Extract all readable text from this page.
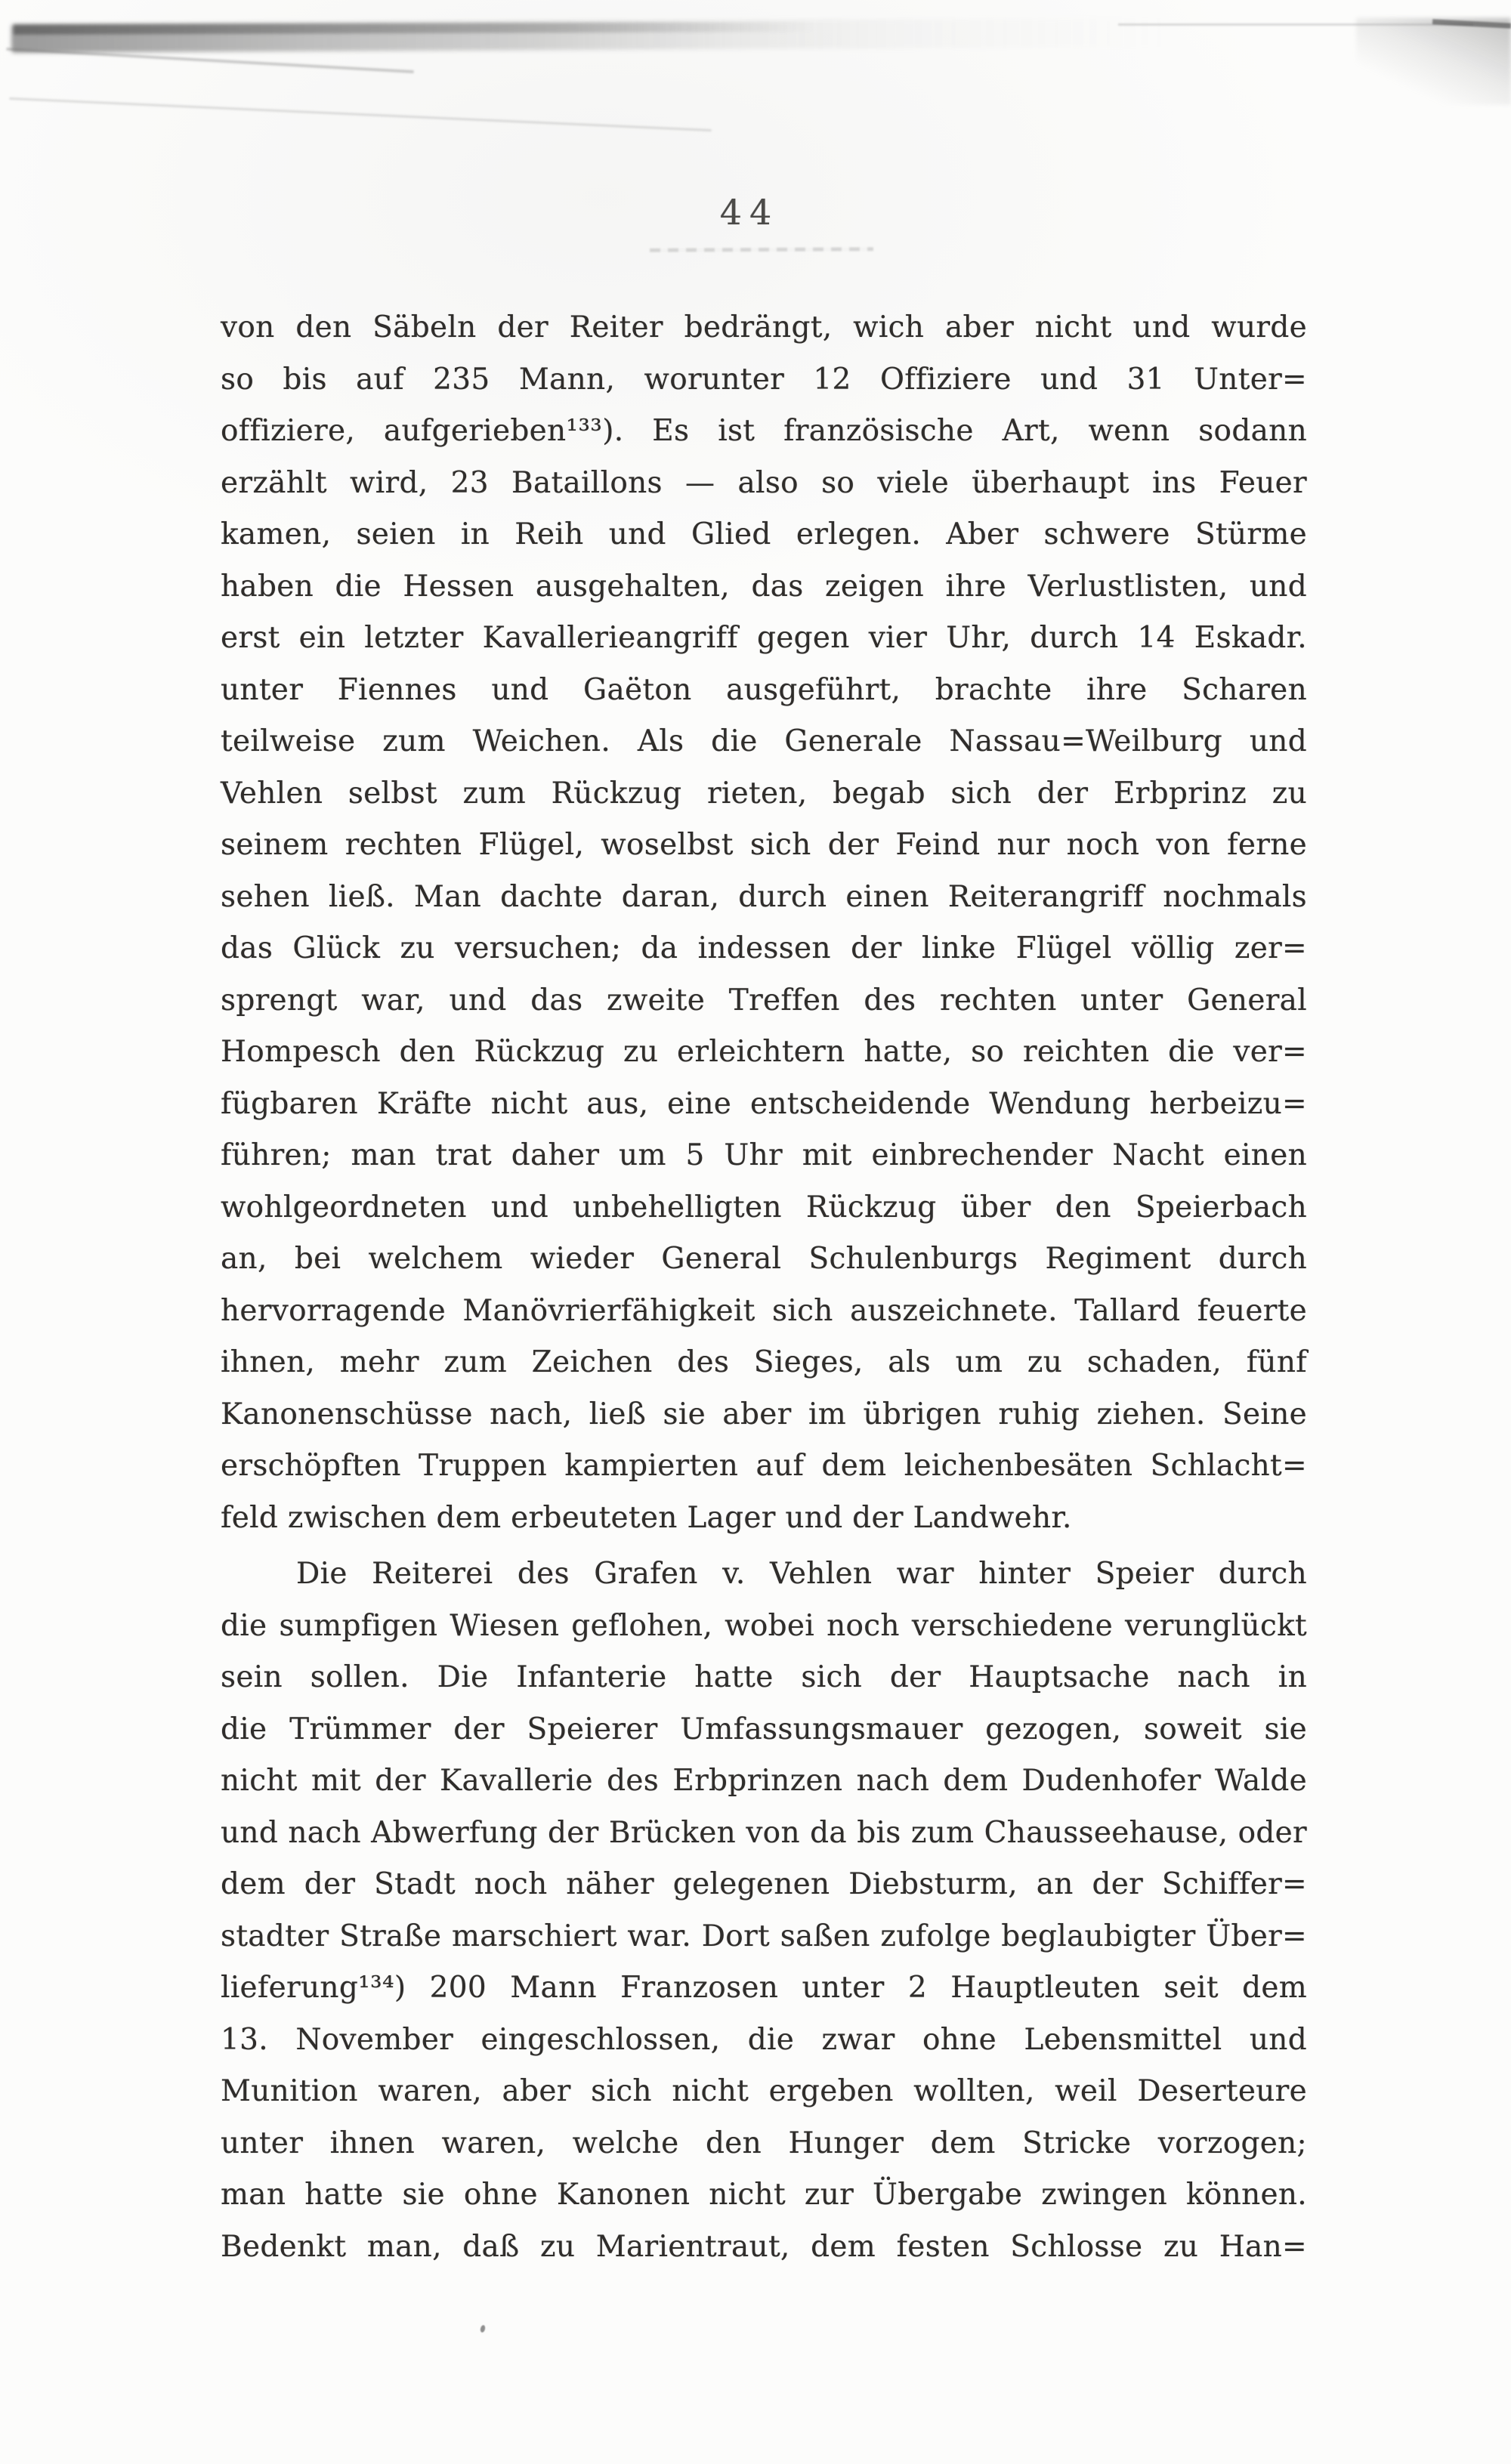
44
von den Säbeln der Reiter bedrängt, wich aber nicht und wurde
so bis auf 235 Mann, worunter 12 Offiziere und 31 Unter=
offiziere, aufgerieben¹³³). Es ist französische Art, wenn sodann
erzählt wird, 23 Bataillons — also so viele überhaupt ins Feuer
kamen, seien in Reih und Glied erlegen. Aber schwere Stürme
haben die Hessen ausgehalten, das zeigen ihre Verlustlisten, und
erst ein letzter Kavallerieangriff gegen vier Uhr, durch 14 Eskadr.
unter Fiennes und Gaëton ausgeführt, brachte ihre Scharen
teilweise zum Weichen. Als die Generale Nassau=Weilburg und
Vehlen selbst zum Rückzug rieten, begab sich der Erbprinz zu
seinem rechten Flügel, woselbst sich der Feind nur noch von ferne
sehen ließ. Man dachte daran, durch einen Reiterangriff nochmals
das Glück zu versuchen; da indessen der linke Flügel völlig zer=
sprengt war, und das zweite Treffen des rechten unter General
Hompesch den Rückzug zu erleichtern hatte, so reichten die ver=
fügbaren Kräfte nicht aus, eine entscheidende Wendung herbeizu=
führen; man trat daher um 5 Uhr mit einbrechender Nacht einen
wohlgeordneten und unbehelligten Rückzug über den Speierbach
an, bei welchem wieder General Schulenburgs Regiment durch
hervorragende Manövrierfähigkeit sich auszeichnete. Tallard feuerte
ihnen, mehr zum Zeichen des Sieges, als um zu schaden, fünf
Kanonenschüsse nach, ließ sie aber im übrigen ruhig ziehen. Seine
erschöpften Truppen kampierten auf dem leichenbesäten Schlacht=
feld zwischen dem erbeuteten Lager und der Landwehr.
Die Reiterei des Grafen v. Vehlen war hinter Speier durch
die sumpfigen Wiesen geflohen, wobei noch verschiedene verunglückt
sein sollen. Die Infanterie hatte sich der Hauptsache nach in
die Trümmer der Speierer Umfassungsmauer gezogen, soweit sie
nicht mit der Kavallerie des Erbprinzen nach dem Dudenhofer Walde
und nach Abwerfung der Brücken von da bis zum Chausseehause, oder
dem der Stadt noch näher gelegenen Diebsturm, an der Schiffer=
stadter Straße marschiert war. Dort saßen zufolge beglaubigter Über=
lieferung¹³⁴) 200 Mann Franzosen unter 2 Hauptleuten seit dem
13. November eingeschlossen, die zwar ohne Lebensmittel und
Munition waren, aber sich nicht ergeben wollten, weil Deserteure
unter ihnen waren, welche den Hunger dem Stricke vorzogen;
man hatte sie ohne Kanonen nicht zur Übergabe zwingen können.
Bedenkt man, daß zu Marientraut, dem festen Schlosse zu Han=
